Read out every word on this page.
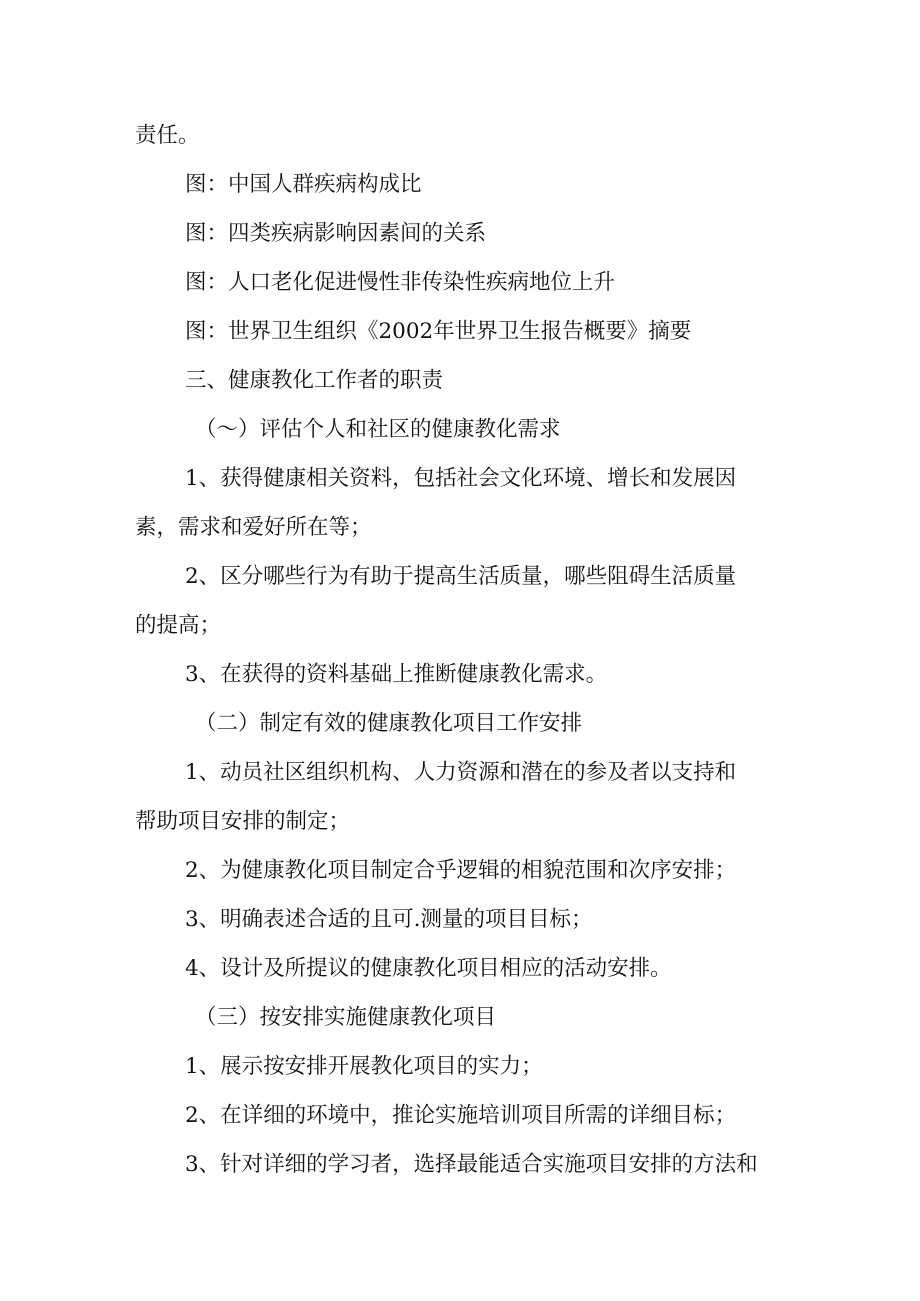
责任。
图：中国人群疾病构成比
图：四类疾病影响因素间的关系
图：人口老化促进慢性非传染性疾病地位上升
图：世界卫生组织《2002年世界卫生报告概要》摘要
三、健康教化工作者的职责
（〜）评估个人和社区的健康教化需求
1、获得健康相关资料，包括社会文化环境、增长和发展因
素，需求和爱好所在等；
2、区分哪些行为有助于提高生活质量，哪些阻碍生活质量
的提高；
3、在获得的资料基础上推断健康教化需求。
（二）制定有效的健康教化项目工作安排
1、动员社区组织机构、人力资源和潜在的参及者以支持和
帮助项目安排的制定；
2、为健康教化项目制定合乎逻辑的相貌范围和次序安排；
3、明确表述合适的且可.测量的项目目标；
4、设计及所提议的健康教化项目相应的活动安排。
（三）按安排实施健康教化项目
1、展示按安排开展教化项目的实力；
2、在详细的环境中，推论实施培训项目所需的详细目标；
3、针对详细的学习者，选择最能适合实施项目安排的方法和
